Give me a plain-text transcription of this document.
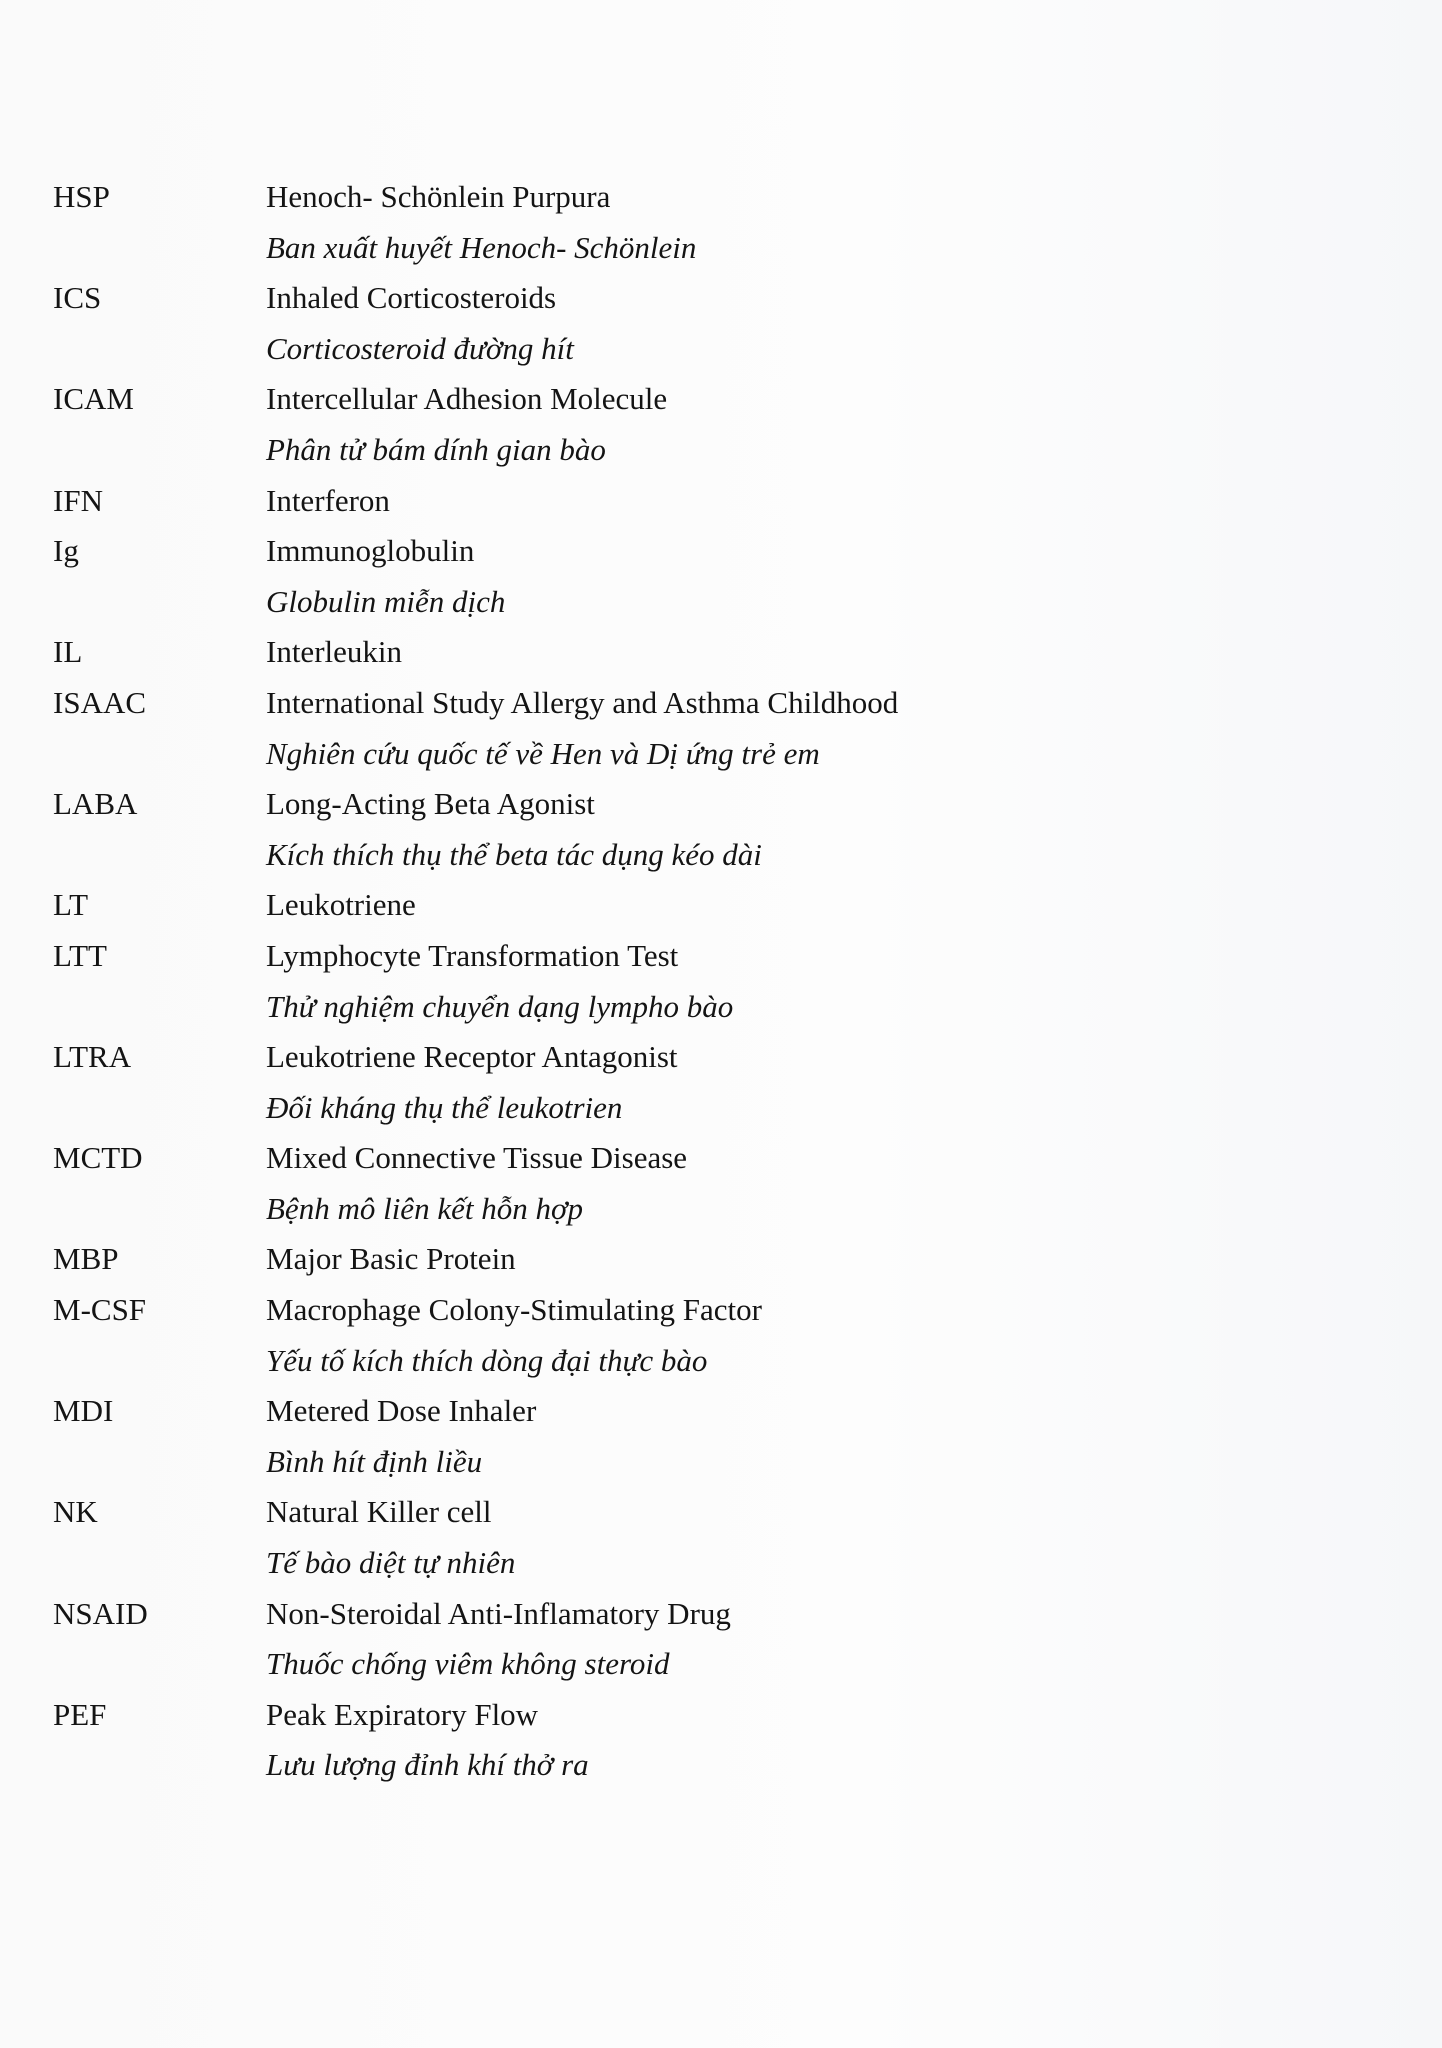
HSP	Henoch- Schönlein Purpura
Ban xuất huyết Henoch- Schönlein
ICS	Inhaled Corticosteroids
Corticosteroid đường hít
ICAM	Intercellular Adhesion Molecule
Phân tử bám dính gian bào
IFN	Interferon
Ig	Immunoglobulin
Globulin miễn dịch
IL	Interleukin
ISAAC	International Study Allergy and Asthma Childhood
Nghiên cứu quốc tế về Hen và Dị ứng trẻ em
LABA	Long-Acting Beta Agonist
Kích thích thụ thể beta tác dụng kéo dài
LT	Leukotriene
LTT	Lymphocyte Transformation Test
Thử nghiệm chuyển dạng lympho bào
LTRA	Leukotriene Receptor Antagonist
Đối kháng thụ thể leukotrien
MCTD	Mixed Connective Tissue Disease
Bệnh mô liên kết hỗn hợp
MBP	Major Basic Protein
M-CSF	Macrophage Colony-Stimulating Factor
Yếu tố kích thích dòng đại thực bào
MDI	Metered Dose Inhaler
Bình hít định liều
NK	Natural Killer cell
Tế bào diệt tự nhiên
NSAID	Non-Steroidal Anti-Inflamatory Drug
Thuốc chống viêm không steroid
PEF	Peak Expiratory Flow
Lưu lượng đỉnh khí thở ra
